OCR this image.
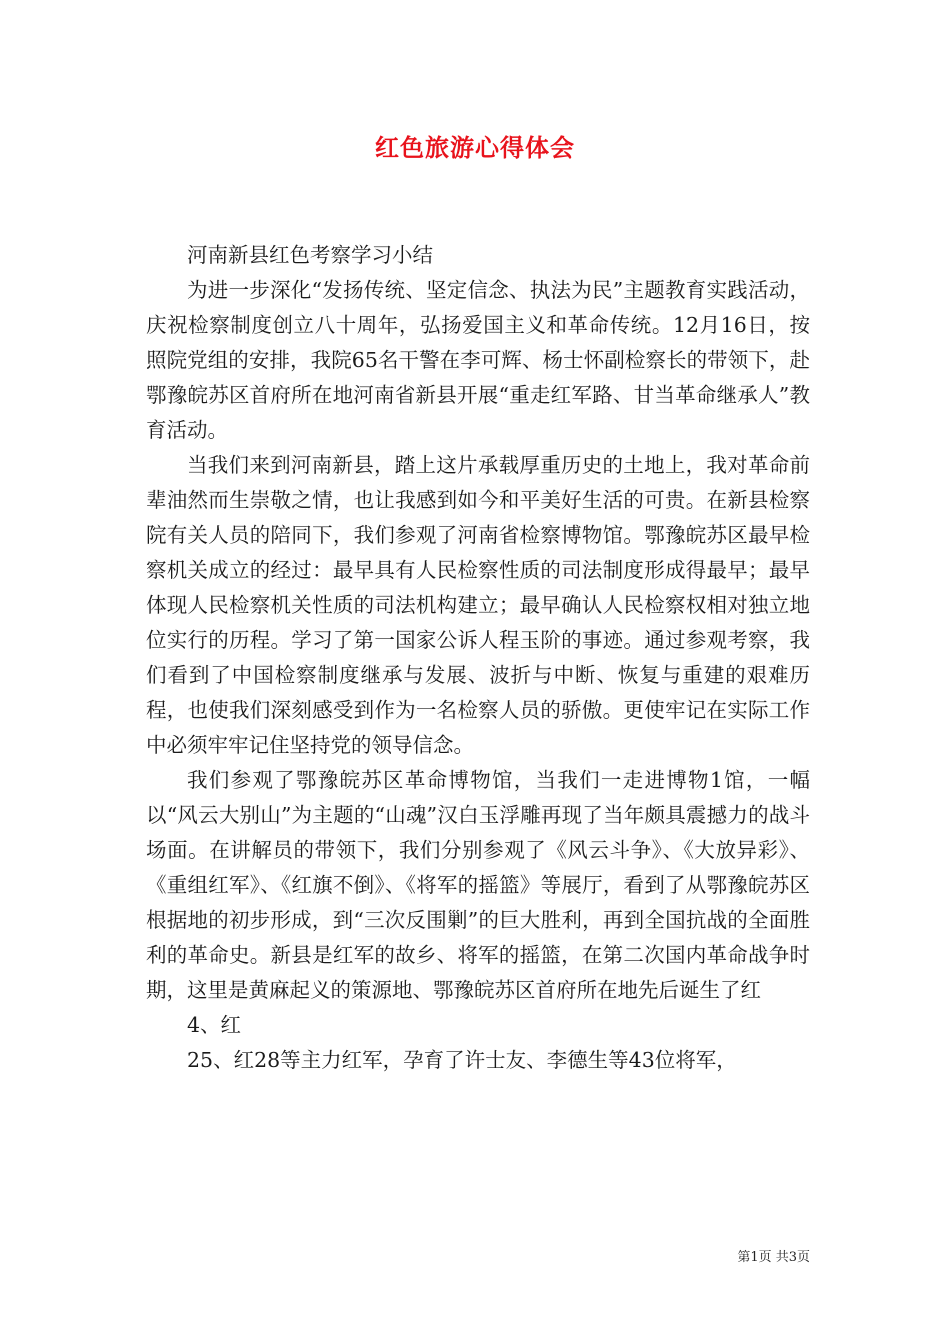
红色旅游心得体会

河南新县红色考察学习小结

为进一步深化“发扬传统、坚定信念、执法为民”主题教育实践活动，庆祝检察制度创立八十周年，弘扬爱国主义和革命传统。12月16日，按照院党组的安排，我院65名干警在李可辉、杨士怀副检察长的带领下，赴鄂豫皖苏区首府所在地河南省新县开展“重走红军路、甘当革命继承人”教育活动。

当我们来到河南新县，踏上这片承载厚重历史的土地上，我对革命前辈油然而生崇敬之情，也让我感到如今和平美好生活的可贵。在新县检察院有关人员的陪同下，我们参观了河南省检察博物馆。鄂豫皖苏区最早检察机关成立的经过：最早具有人民检察性质的司法制度形成得最早；最早体现人民检察机关性质的司法机构建立；最早确认人民检察权相对独立地位实行的历程。学习了第一国家公诉人程玉阶的事迹。通过参观考察，我们看到了中国检察制度继承与发展、波折与中断、恢复与重建的艰难历程，也使我们深刻感受到作为一名检察人员的骄傲。更使牢记在实际工作中必须牢牢记住坚持党的领导信念。

我们参观了鄂豫皖苏区革命博物馆，当我们一走进博物1馆，一幅以“风云大别山”为主题的“山魂”汉白玉浮雕再现了当年颇具震撼力的战斗场面。在讲解员的带领下，我们分别参观了《风云斗争》、《大放异彩》、《重组红军》、《红旗不倒》、《将军的摇篮》等展厅，看到了从鄂豫皖苏区根据地的初步形成，到“三次反围剿”的巨大胜利，再到全国抗战的全面胜利的革命史。新县是红军的故乡、将军的摇篮，在第二次国内革命战争时期，这里是黄麻起义的策源地、鄂豫皖苏区首府所在地先后诞生了红

4、红

25、红28等主力红军，孕育了许士友、李德生等43位将军，

第1页 共3页
